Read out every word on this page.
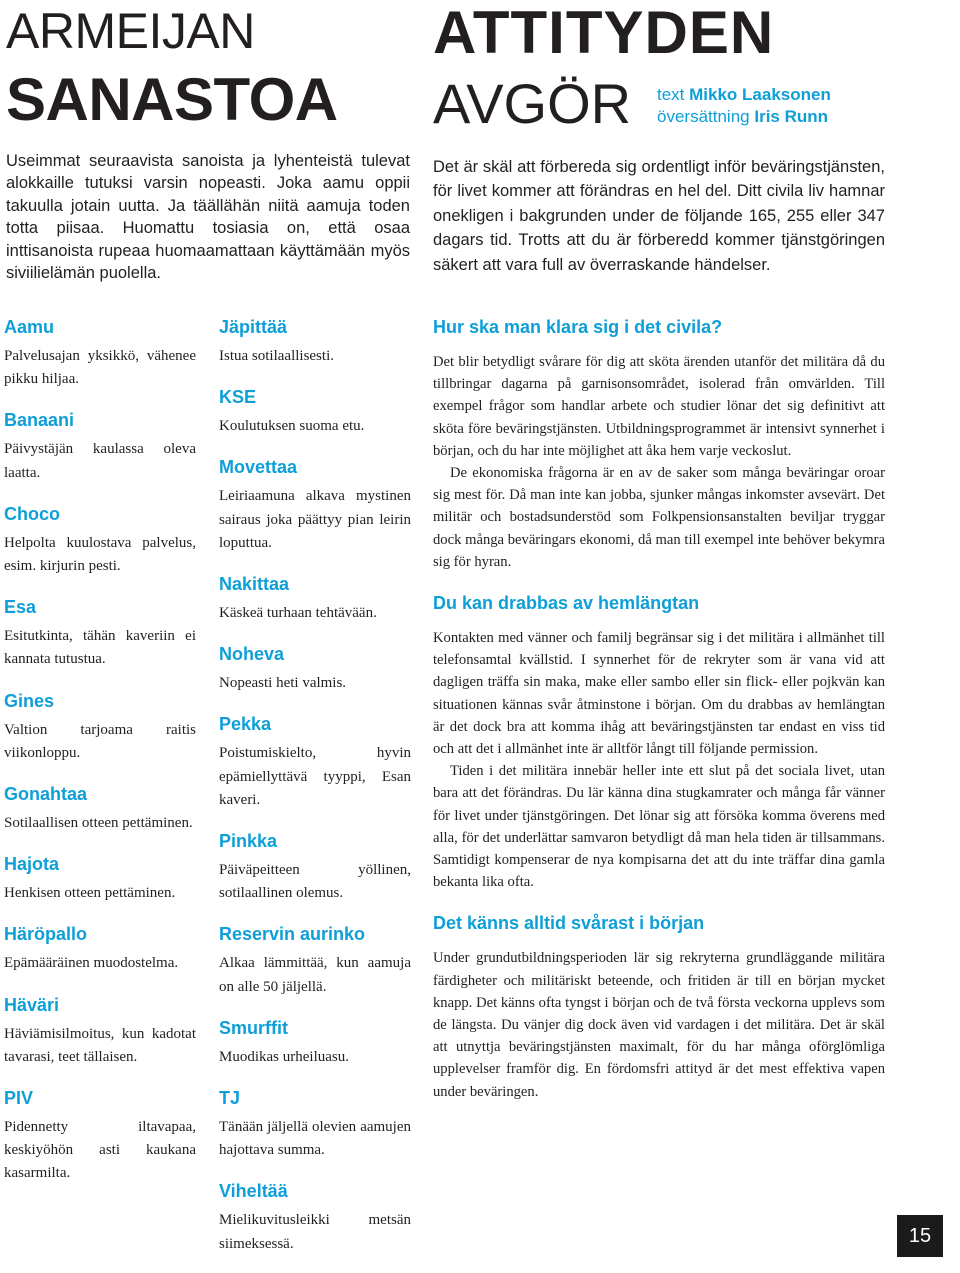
ARMEIJAN
SANASTOA

Useimmat seuraavista sanoista ja lyhenteistä tulevat alokkaille tutuksi varsin nopeasti. Joka aamu oppii takuulla jotain uutta. Ja täällähän niitä aamuja toden totta piisaa. Huomattu tosiasia on, että osaa inttisanoista rupeaa huomaamattaan käyttämään myös siviilielämän puolella.

Aamu

Palvelusajan yksikkö, vähenee pikku hiljaa.

Banaani

Päivystäjän kaulassa oleva laatta.

Choco

Helpolta kuulostava palvelus, esim. kirjurin pesti.

Esa

Esitutkinta, tähän kaveriin ei kannata tutustua.

Gines

Valtion tarjoama raitis viikonloppu.

Gonahtaa

Sotilaallisen otteen pettäminen.

Hajota

Henkisen otteen pettäminen.

Häröpallo

Epämääräinen muodostelma.

Häväri

Häviämisilmoitus, kun kadotat tavarasi, teet tällaisen.

PIV

Pidennetty iltavapaa, keskiyöhön asti kaukana kasarmilta.

Jäpittää

Istua sotilaallisesti.

KSE

Koulutuksen suoma etu.

Movettaa

Leiriaamuna alkava mystinen sairaus joka päättyy pian leirin loputtua.

Nakittaa

Käskeä turhaan tehtävään.

Noheva

Nopeasti heti valmis.

Pekka

Poistumiskielto, hyvin epämiellyttävä tyyppi, Esan kaveri.

Pinkka

Päiväpeitteen yöllinen, sotilaallinen olemus.

Reservin aurinko

Alkaa lämmittää, kun aamuja on alle 50 jäljellä.

Smurffit

Muodikas urheiluasu.

TJ

Tänään jäljellä olevien aamujen hajottava summa.

Viheltää

Mielikuvitusleikki metsän siimeksessä.

ATTITYDEN
AVGÖR text Mikko Laaksonen
översättning Iris Runn

Det är skäl att förbereda sig ordentligt inför beväringstjänsten, för livet kommer att förändras en hel del. Ditt civila liv hamnar onekligen i bakgrunden under de följande 165, 255 eller 347 dagars tid. Trotts att du är förberedd kommer tjänstgöringen säkert att vara full av överraskande händelser.

Hur ska man klara sig i det civila?

Det blir betydligt svårare för dig att sköta ärenden utanför det militära då du tillbringar dagarna på garnisonsområdet, isolerad från omvärlden. Till exempel frågor som handlar arbete och studier lönar det sig definitivt att sköta före beväringstjänsten. Utbildningsprogrammet är intensivt synnerhet i början, och du har inte möjlighet att åka hem varje veckoslut.

De ekonomiska frågorna är en av de saker som många beväringar oroar sig mest för. Då man inte kan jobba, sjunker mångas inkomster avsevärt. Det militär och bostadsunderstöd som Folkpensionsanstalten beviljar tryggar dock många beväringars ekonomi, då man till exempel inte behöver bekymra sig för hyran.

Du kan drabbas av hemlängtan

Kontakten med vänner och familj begränsar sig i det militära i allmänhet till telefonsamtal kvällstid. I synnerhet för de rekryter som är vana vid att dagligen träffa sin maka, make eller sambo eller sin flick- eller pojkvän kan situationen kännas svår åtminstone i början. Om du drabbas av hemlängtan är det dock bra att komma ihåg att beväringstjänsten tar endast en viss tid och att det i allmänhet inte är alltför långt till följande permission.

Tiden i det militära innebär heller inte ett slut på det sociala livet, utan bara att det förändras. Du lär känna dina stugkamrater och många får vänner för livet under tjänstgöringen. Det lönar sig att försöka komma överens med alla, för det underlättar samvaron betydligt då man hela tiden är tillsammans. Samtidigt kompenserar de nya kompisarna det att du inte träffar dina gamla bekanta lika ofta.

Det känns alltid svårast i början

Under grundutbildningsperioden lär sig rekryterna grundläggande militära färdigheter och militäriskt beteende, och fritiden är till en början mycket knapp. Det känns ofta tyngst i början och de två första veckorna upplevs som de längsta. Du vänjer dig dock även vid vardagen i det militära. Det är skäl att utnyttja beväringstjänsten maximalt, för du har många oförglömliga upplevelser framför dig. En fördomsfri attityd är det mest effektiva vapen under beväringen.

15
